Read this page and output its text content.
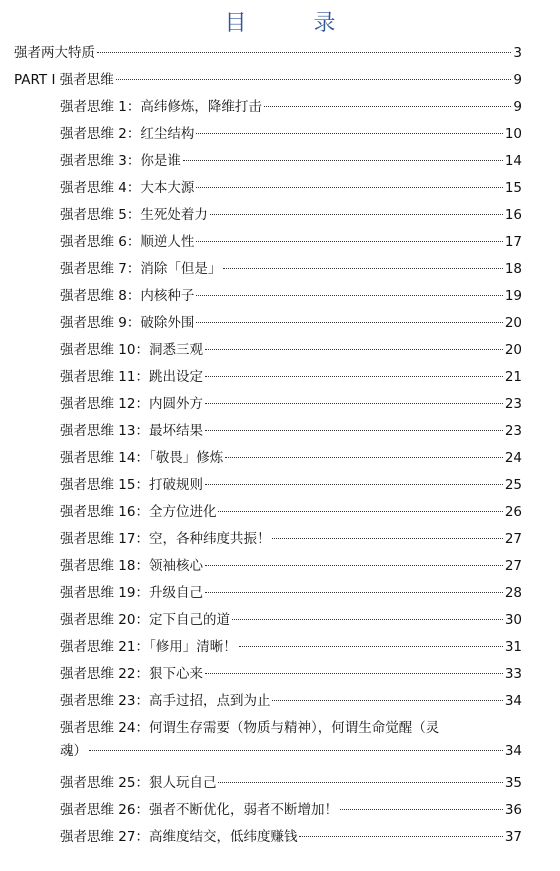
目 录
强者两大特质	3
PART I 强者思维	9
强者思维 1：高纬修炼，降维打击	9
强者思维 2：红尘结构	10
强者思维 3：你是谁	14
强者思维 4：大本大源	15
强者思维 5：生死处着力	16
强者思维 6：顺逆人性	17
强者思维 7：消除「但是」	18
强者思维 8：内核种子	19
强者思维 9：破除外围	20
强者思维 10：洞悉三观	20
强者思维 11：跳出设定	21
强者思维 12：内圆外方	23
强者思维 13：最坏结果	23
强者思维 14：「敬畏」修炼	24
强者思维 15：打破规则	25
强者思维 16：全方位进化	26
强者思维 17：空，各种纬度共振！	27
强者思维 18：领袖核心	27
强者思维 19：升级自己	28
强者思维 20：定下自己的道	30
强者思维 21：「修用」清晰！	31
强者思维 22：狠下心来	33
强者思维 23：高手过招，点到为止	34
强者思维 24：何谓生存需要（物质与精神），何谓生命觉醒（灵
魂）	34
强者思维 25：狠人玩自己	35
强者思维 26：强者不断优化，弱者不断增加！	36
强者思维 27：高维度结交，低纬度赚钱	37
